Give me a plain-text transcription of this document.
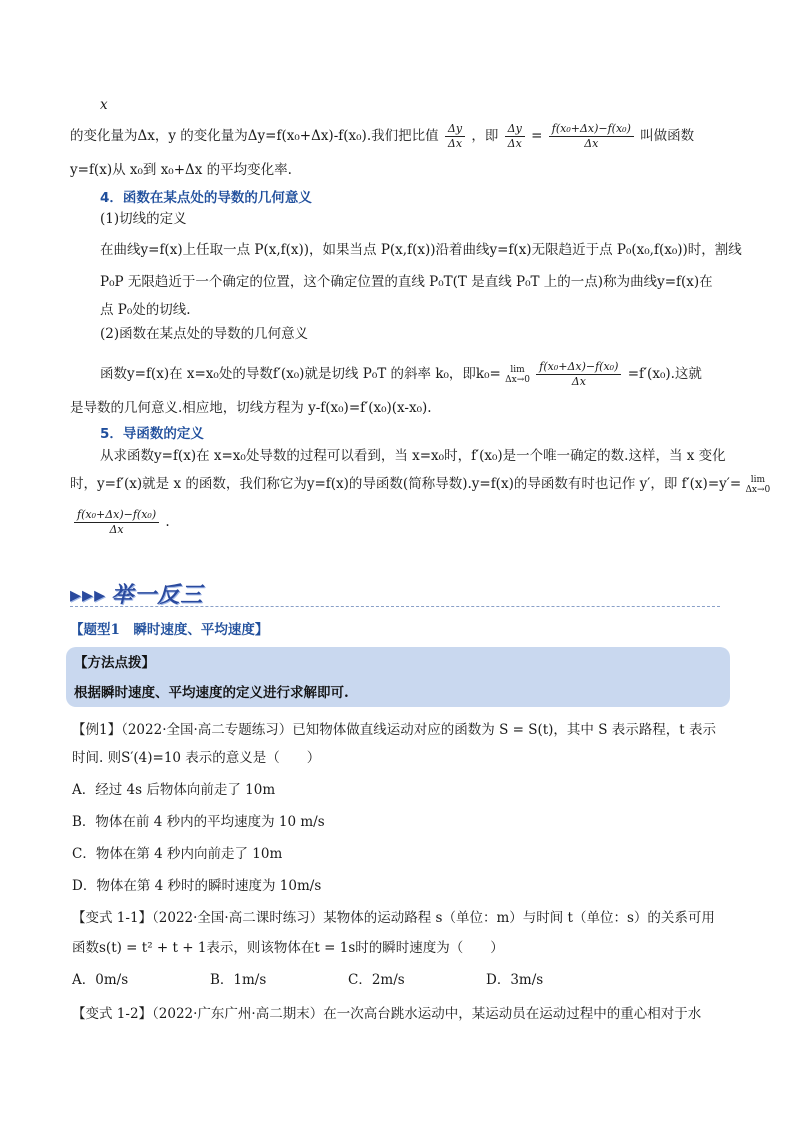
x
的变化量为Δx，y 的变化量为Δy=f(x₀+Δx)-f(x₀).我们把比值 $\frac{\Delta y}{\Delta x}$ ，即 $\frac{\Delta y}{\Delta x} = \frac{\text{f(x₀+Δx)−f(x₀)}}{\Delta x}$ 叫做函数
y=f(x)从 x₀到 x₀+Δx 的平均变化率.
4．函数在某点处的导数的几何意义
(1)切线的定义
在曲线y=f(x)上任取一点 P(x,f(x))，如果当点 P(x,f(x))沿着曲线y=f(x)无限趋近于点 P₀(x₀,f(x₀))时，割线
P₀P 无限趋近于一个确定的位置，这个确定位置的直线 P₀T(T 是直线 P₀T 上的一点)称为曲线y=f(x)在
点 P₀处的切线.
(2)函数在某点处的导数的几何意义
函数y=f(x)在 x=x₀处的导数f′(x₀)就是切线 P₀T 的斜率 k₀，即k₀=	lim
Δx→0
$\frac{\text{f(x₀+Δx)−f(x₀)}}{\Delta x} =f'(x_0)$.这就
是导数的几何意义.相应地，切线方程为 y-f(x₀)=f′(x₀)(x-x₀).
5．导函数的定义
从求函数y=f(x)在 x=x₀处导数的过程可以看到，当 x=x₀时，f′(x₀)是一个唯一确定的数.这样，当 x 变化
时，y=f′(x)就是 x 的函数，我们称它为y=f(x)的导函数(简称导数).y=f(x)的导函数有时也记作 y′，即 f′(x)=y′=	lim
Δx→0
$\frac{\text{f(x₀+Δx)−f(x₀)}}{\Delta x}$ .
▸▸▸ 举一反三
【题型1　瞬时速度、平均速度】
【方法点拨】
根据瞬时速度、平均速度的定义进行求解即可.
【例1】（2022·全国·高二专题练习）已知物体做直线运动对应的函数为 S = S(t)，其中 S 表示路程，t 表示
时间. 则S′(4)=10 表示的意义是（　　）
A．经过 4s 后物体向前走了 10m
B．物体在前 4 秒内的平均速度为 10 m/s
C．物体在第 4 秒内向前走了 10m
D．物体在第 4 秒时的瞬时速度为 10m/s
【变式 1-1】（2022·全国·高二课时练习）某物体的运动路程 s（单位：m）与时间 t（单位：s）的关系可用
函数s(t) = t² + t + 1表示，则该物体在t = 1s时的瞬时速度为（　　）
A．0m/s	B．1m/s	C．2m/s	D．3m/s
【变式 1-2】（2022·广东广州·高二期末）在一次高台跳水运动中，某运动员在运动过程中的重心相对于水
